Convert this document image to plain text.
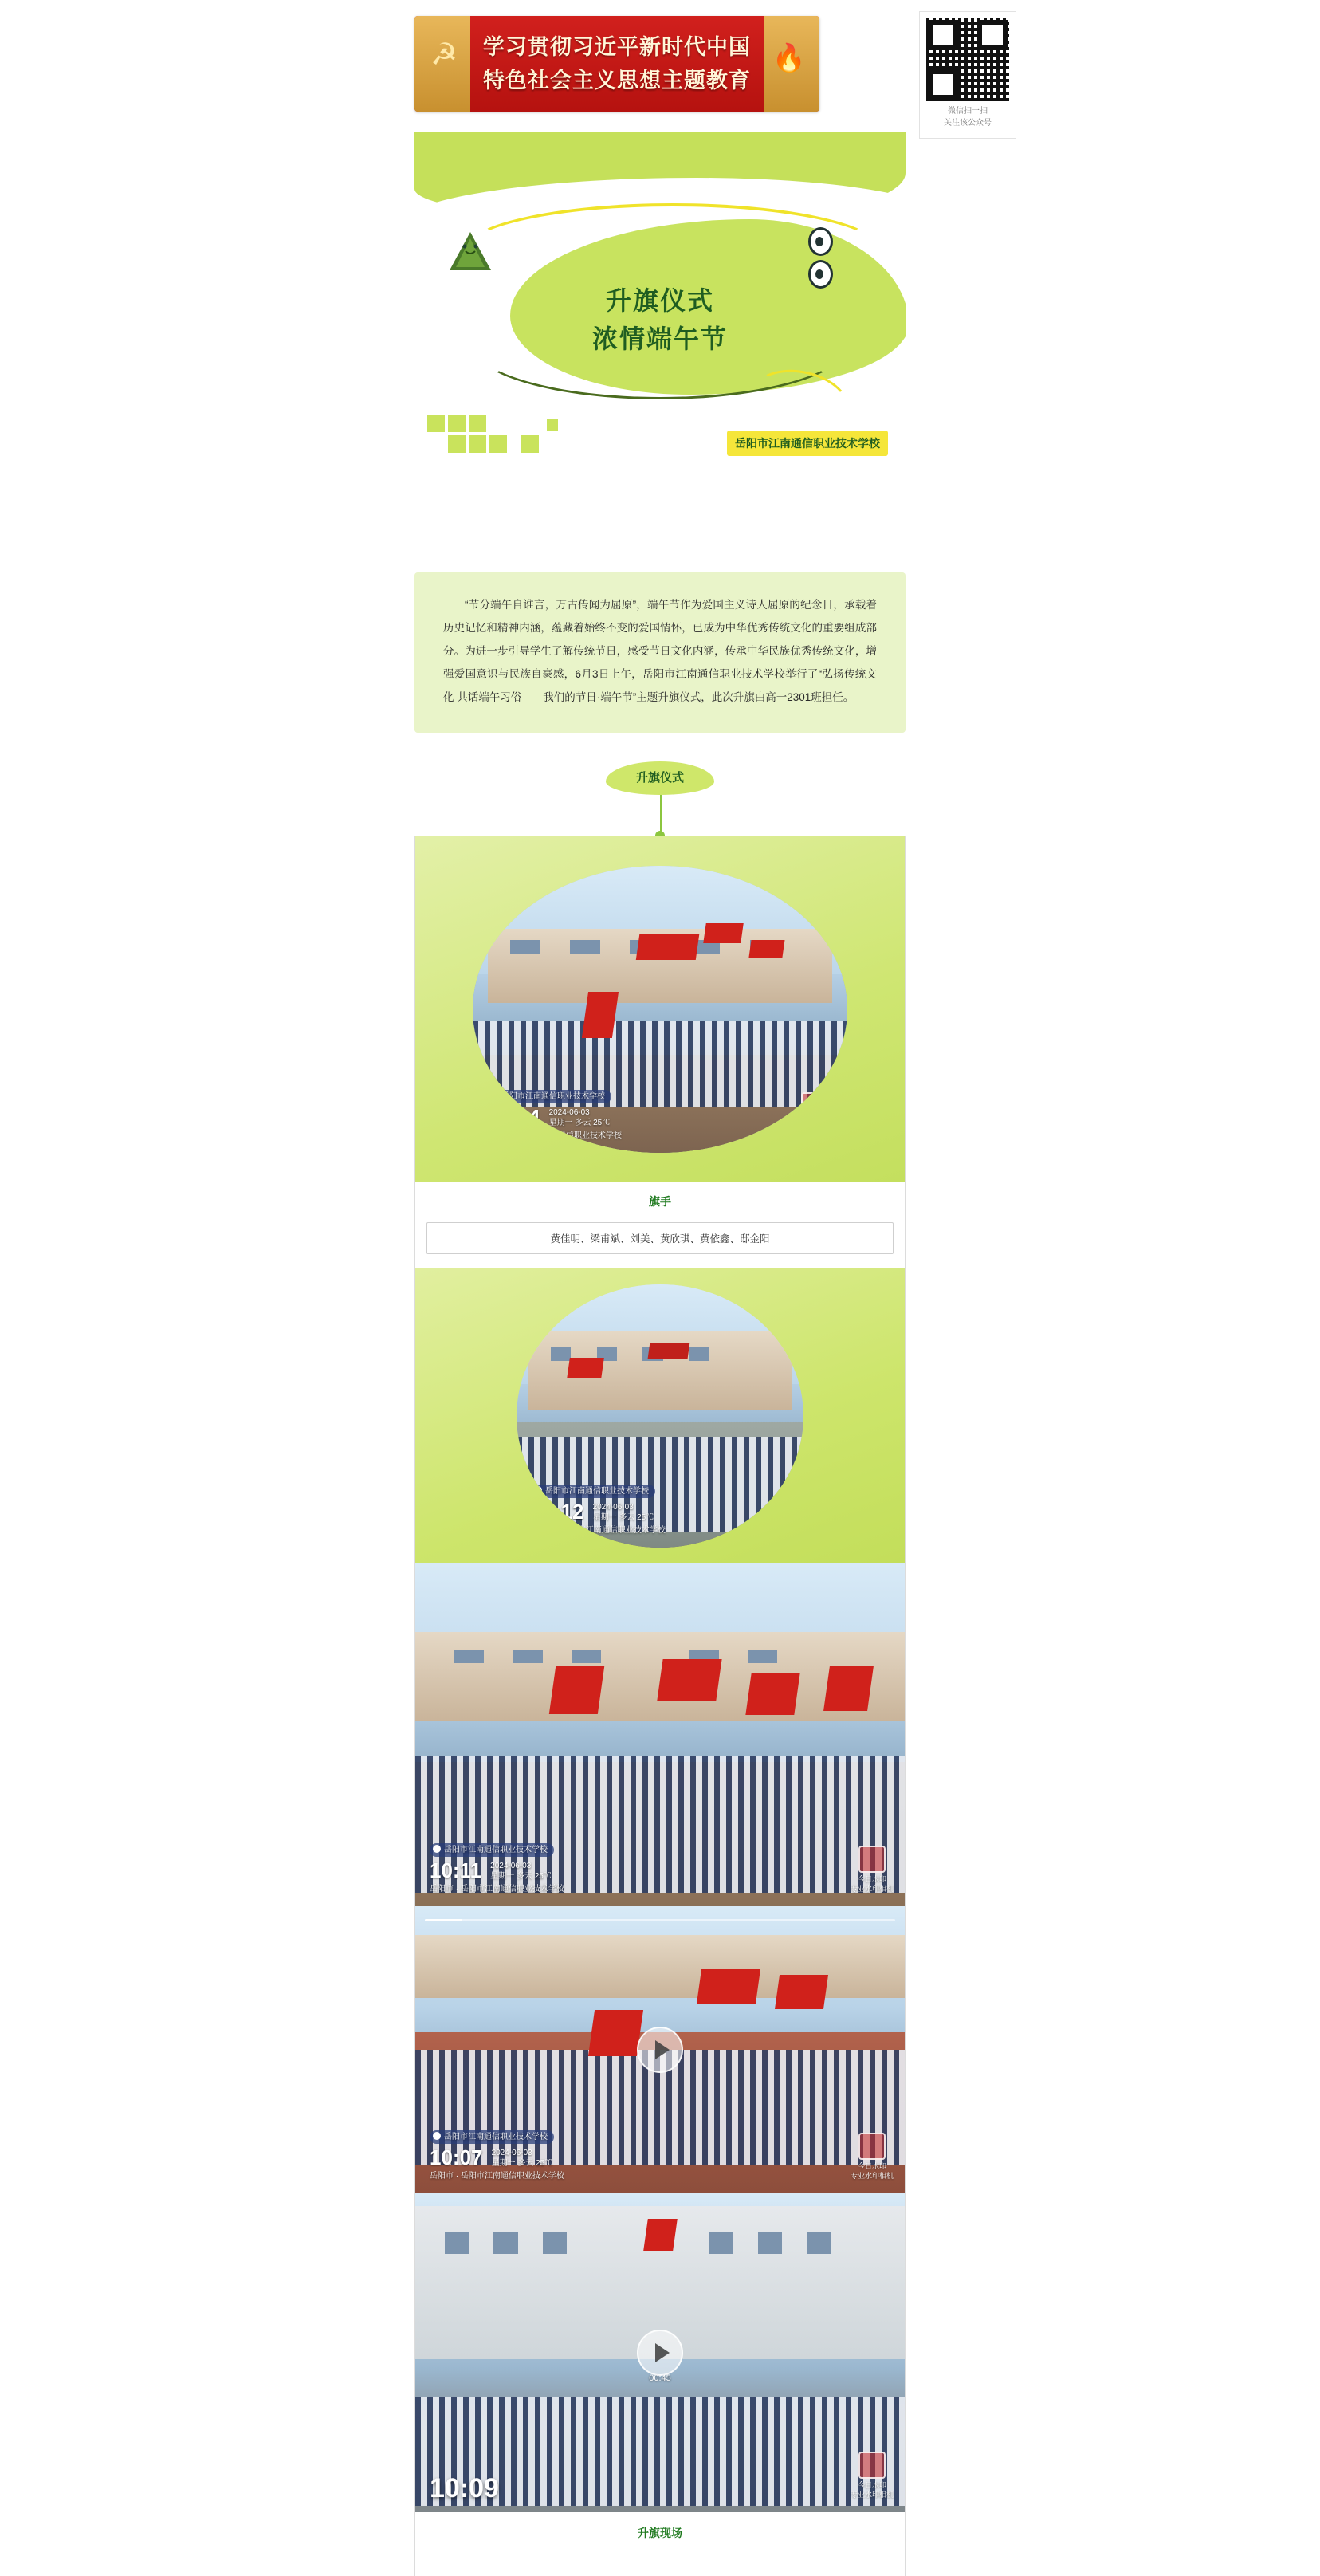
☭	🔥
学习贯彻习近平新时代中国
特色社会主义思想主题教育
微信扫一扫
关注该公众号
升旗仪式
浓情端午节
岳阳市江南通信职业技术学校

“节分端午自谁言，万古传闻为屈原”，端午节作为爱国主义诗人屈原的纪念日，承载着历史记忆和精神内涵，蕴藏着始终不变的爱国情怀，已成为中华优秀传统文化的重要组成部分。为进一步引导学生了解传统节日，感受节日文化内涵，传承中华民族优秀传统文化，增强爱国意识与民族自豪感，6月3日上午，岳阳市江南通信职业技术学校举行了“弘扬传统文化 共话端午习俗——我们的节日·端午节”主题升旗仪式，此次升旗由高一2301班担任。

升旗仪式
岳阳市江南通信职业技术学校
10:04 2024-06-03
星期一 多云 25℃
岳阳市 · 岳阳市江南通信职业技术学校
今日水印
专业水印相机
旗手
黄佳明、梁甫斌、刘美、黄欣琪、黄依鑫、邸金阳
岳阳市江南通信职业技术学校
10:12 2024-06-03
星期一 多云 25℃
岳阳市 · 岳阳市江南通信职业技术学校
岳阳市江南通信职业技术学校
10:11 2024-06-03
星期一 多云 25℃
岳阳市 · 岳阳市江南通信职业技术学校
今日水印
专业水印相机
岳阳市江南通信职业技术学校
10:07 2024-06-03
星期一 多云 25℃
岳阳市 · 岳阳市江南通信职业技术学校
今日水印
专业水印相机
00:45
10:09	今日水印
专业水印相机
升旗现场
